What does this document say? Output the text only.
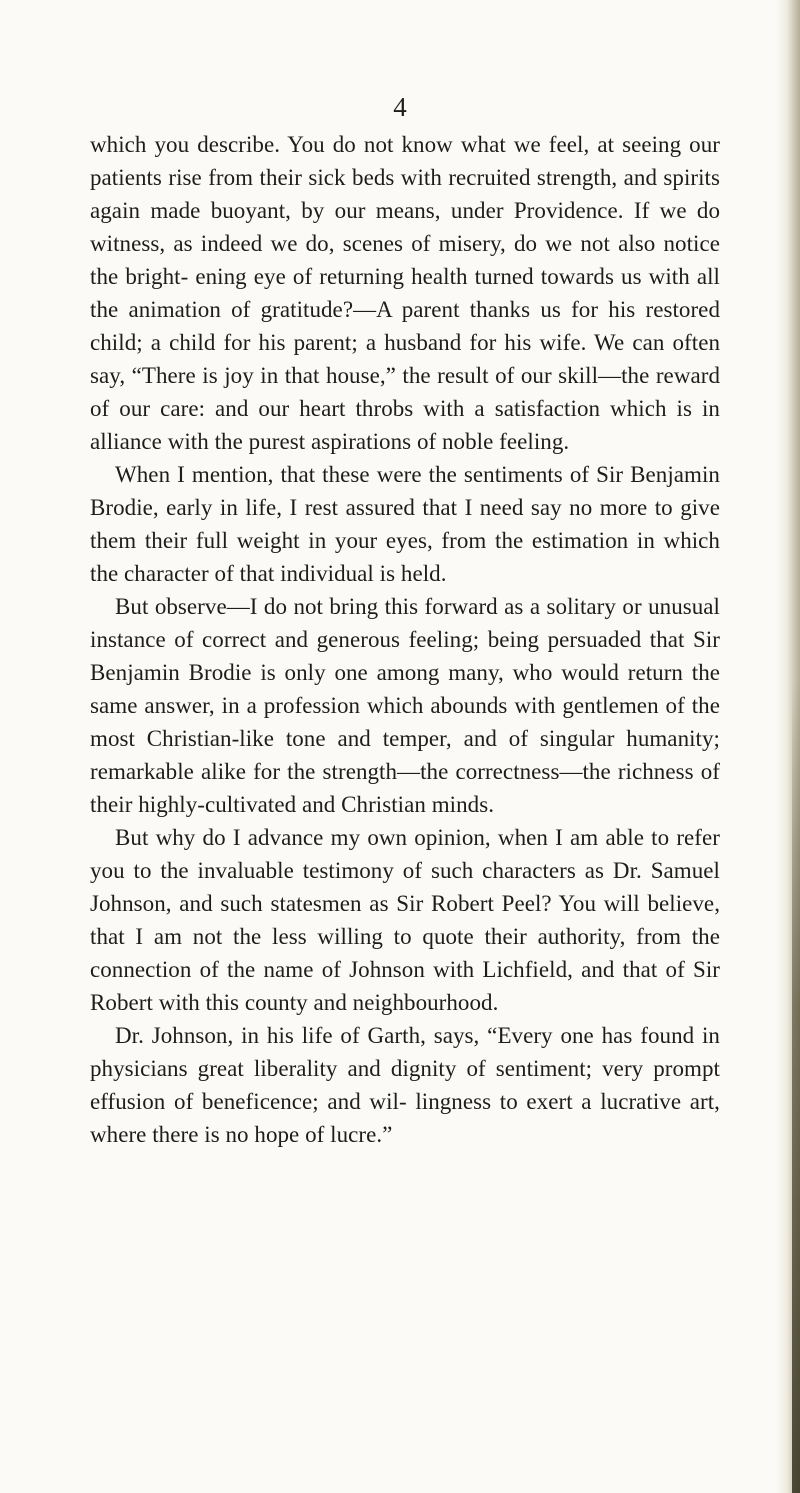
4

which you describe. You do not know what we feel, at seeing our patients rise from their sick beds with recruited strength, and spirits again made buoyant, by our means, under Providence. If we do witness, as indeed we do, scenes of misery, do we not also notice the bright- ening eye of returning health turned towards us with all the animation of gratitude?—A parent thanks us for his restored child; a child for his parent; a husband for his wife. We can often say, “There is joy in that house,” the result of our skill—the reward of our care: and our heart throbs with a satisfaction which is in alliance with the purest aspirations of noble feeling.

When I mention, that these were the sentiments of Sir Benjamin Brodie, early in life, I rest assured that I need say no more to give them their full weight in your eyes, from the estimation in which the character of that individual is held.

But observe—I do not bring this forward as a solitary or unusual instance of correct and generous feeling; being persuaded that Sir Benjamin Brodie is only one among many, who would return the same answer, in a profession which abounds with gentlemen of the most Christian-like tone and temper, and of singular humanity; remarkable alike for the strength—the correctness—the richness of their highly-cultivated and Christian minds.

But why do I advance my own opinion, when I am able to refer you to the invaluable testimony of such characters as Dr. Samuel Johnson, and such statesmen as Sir Robert Peel? You will believe, that I am not the less willing to quote their authority, from the connection of the name of Johnson with Lichfield, and that of Sir Robert with this county and neighbourhood.

Dr. Johnson, in his life of Garth, says, “Every one has found in physicians great liberality and dignity of sentiment; very prompt effusion of beneficence; and wil- lingness to exert a lucrative art, where there is no hope of lucre.”
